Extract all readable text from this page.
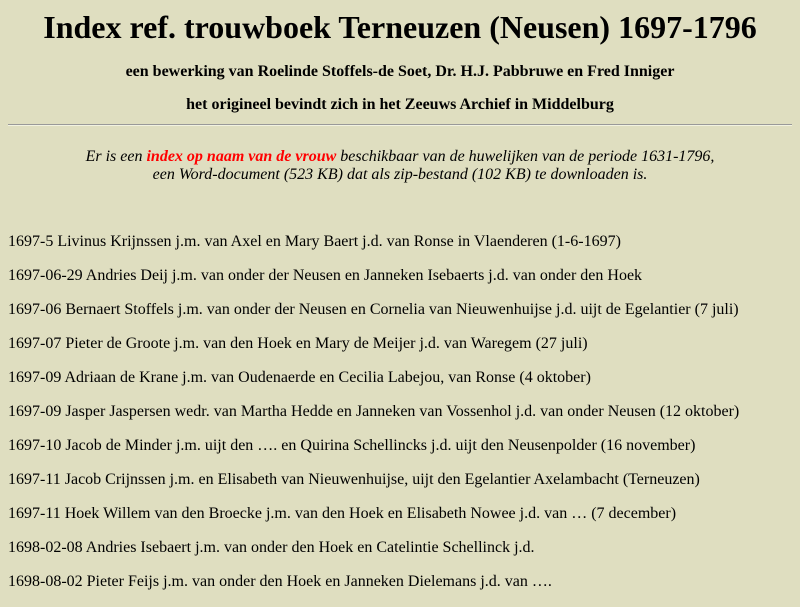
Index ref. trouwboek Terneuzen (Neusen) 1697-1796
een bewerking van Roelinde Stoffels-de Soet, Dr. H.J. Pabbruwe en Fred Inniger
het origineel bevindt zich in het Zeeuws Archief in Middelburg
Er is een index op naam van de vrouw beschikbaar van de huwelijken van de periode 1631-1796,
een Word-document (523 KB) dat als zip-bestand (102 KB) te downloaden is.
1697-5 Livinus Krijnssen j.m. van Axel en Mary Baert j.d. van Ronse in Vlaenderen (1-6-1697)
1697-06-29 Andries Deij j.m. van onder der Neusen en Janneken Isebaerts j.d. van onder den Hoek
1697-06 Bernaert Stoffels j.m. van onder der Neusen en Cornelia van Nieuwenhuijse j.d. uijt de Egelantier (7 juli)
1697-07 Pieter de Groote j.m. van den Hoek en Mary de Meijer j.d. van Waregem (27 juli)
1697-09 Adriaan de Krane j.m. van Oudenaerde en Cecilia Labejou, van Ronse (4 oktober)
1697-09 Jasper Jaspersen wedr. van Martha Hedde en Janneken van Vossenhol j.d. van onder Neusen (12 oktober)
1697-10 Jacob de Minder j.m. uijt den …. en Quirina Schellincks j.d. uijt den Neusenpolder (16 november)
1697-11 Jacob Crijnssen j.m. en Elisabeth van Nieuwenhuijse, uijt den Egelantier Axelambacht (Terneuzen)
1697-11 Hoek Willem van den Broecke j.m. van den Hoek en Elisabeth Nowee j.d. van … (7 december)
1698-02-08 Andries Isebaert j.m. van onder den Hoek en Catelintie Schellinck j.d.
1698-08-02 Pieter Feijs j.m. van onder den Hoek en Janneken Dielemans j.d. van ….
